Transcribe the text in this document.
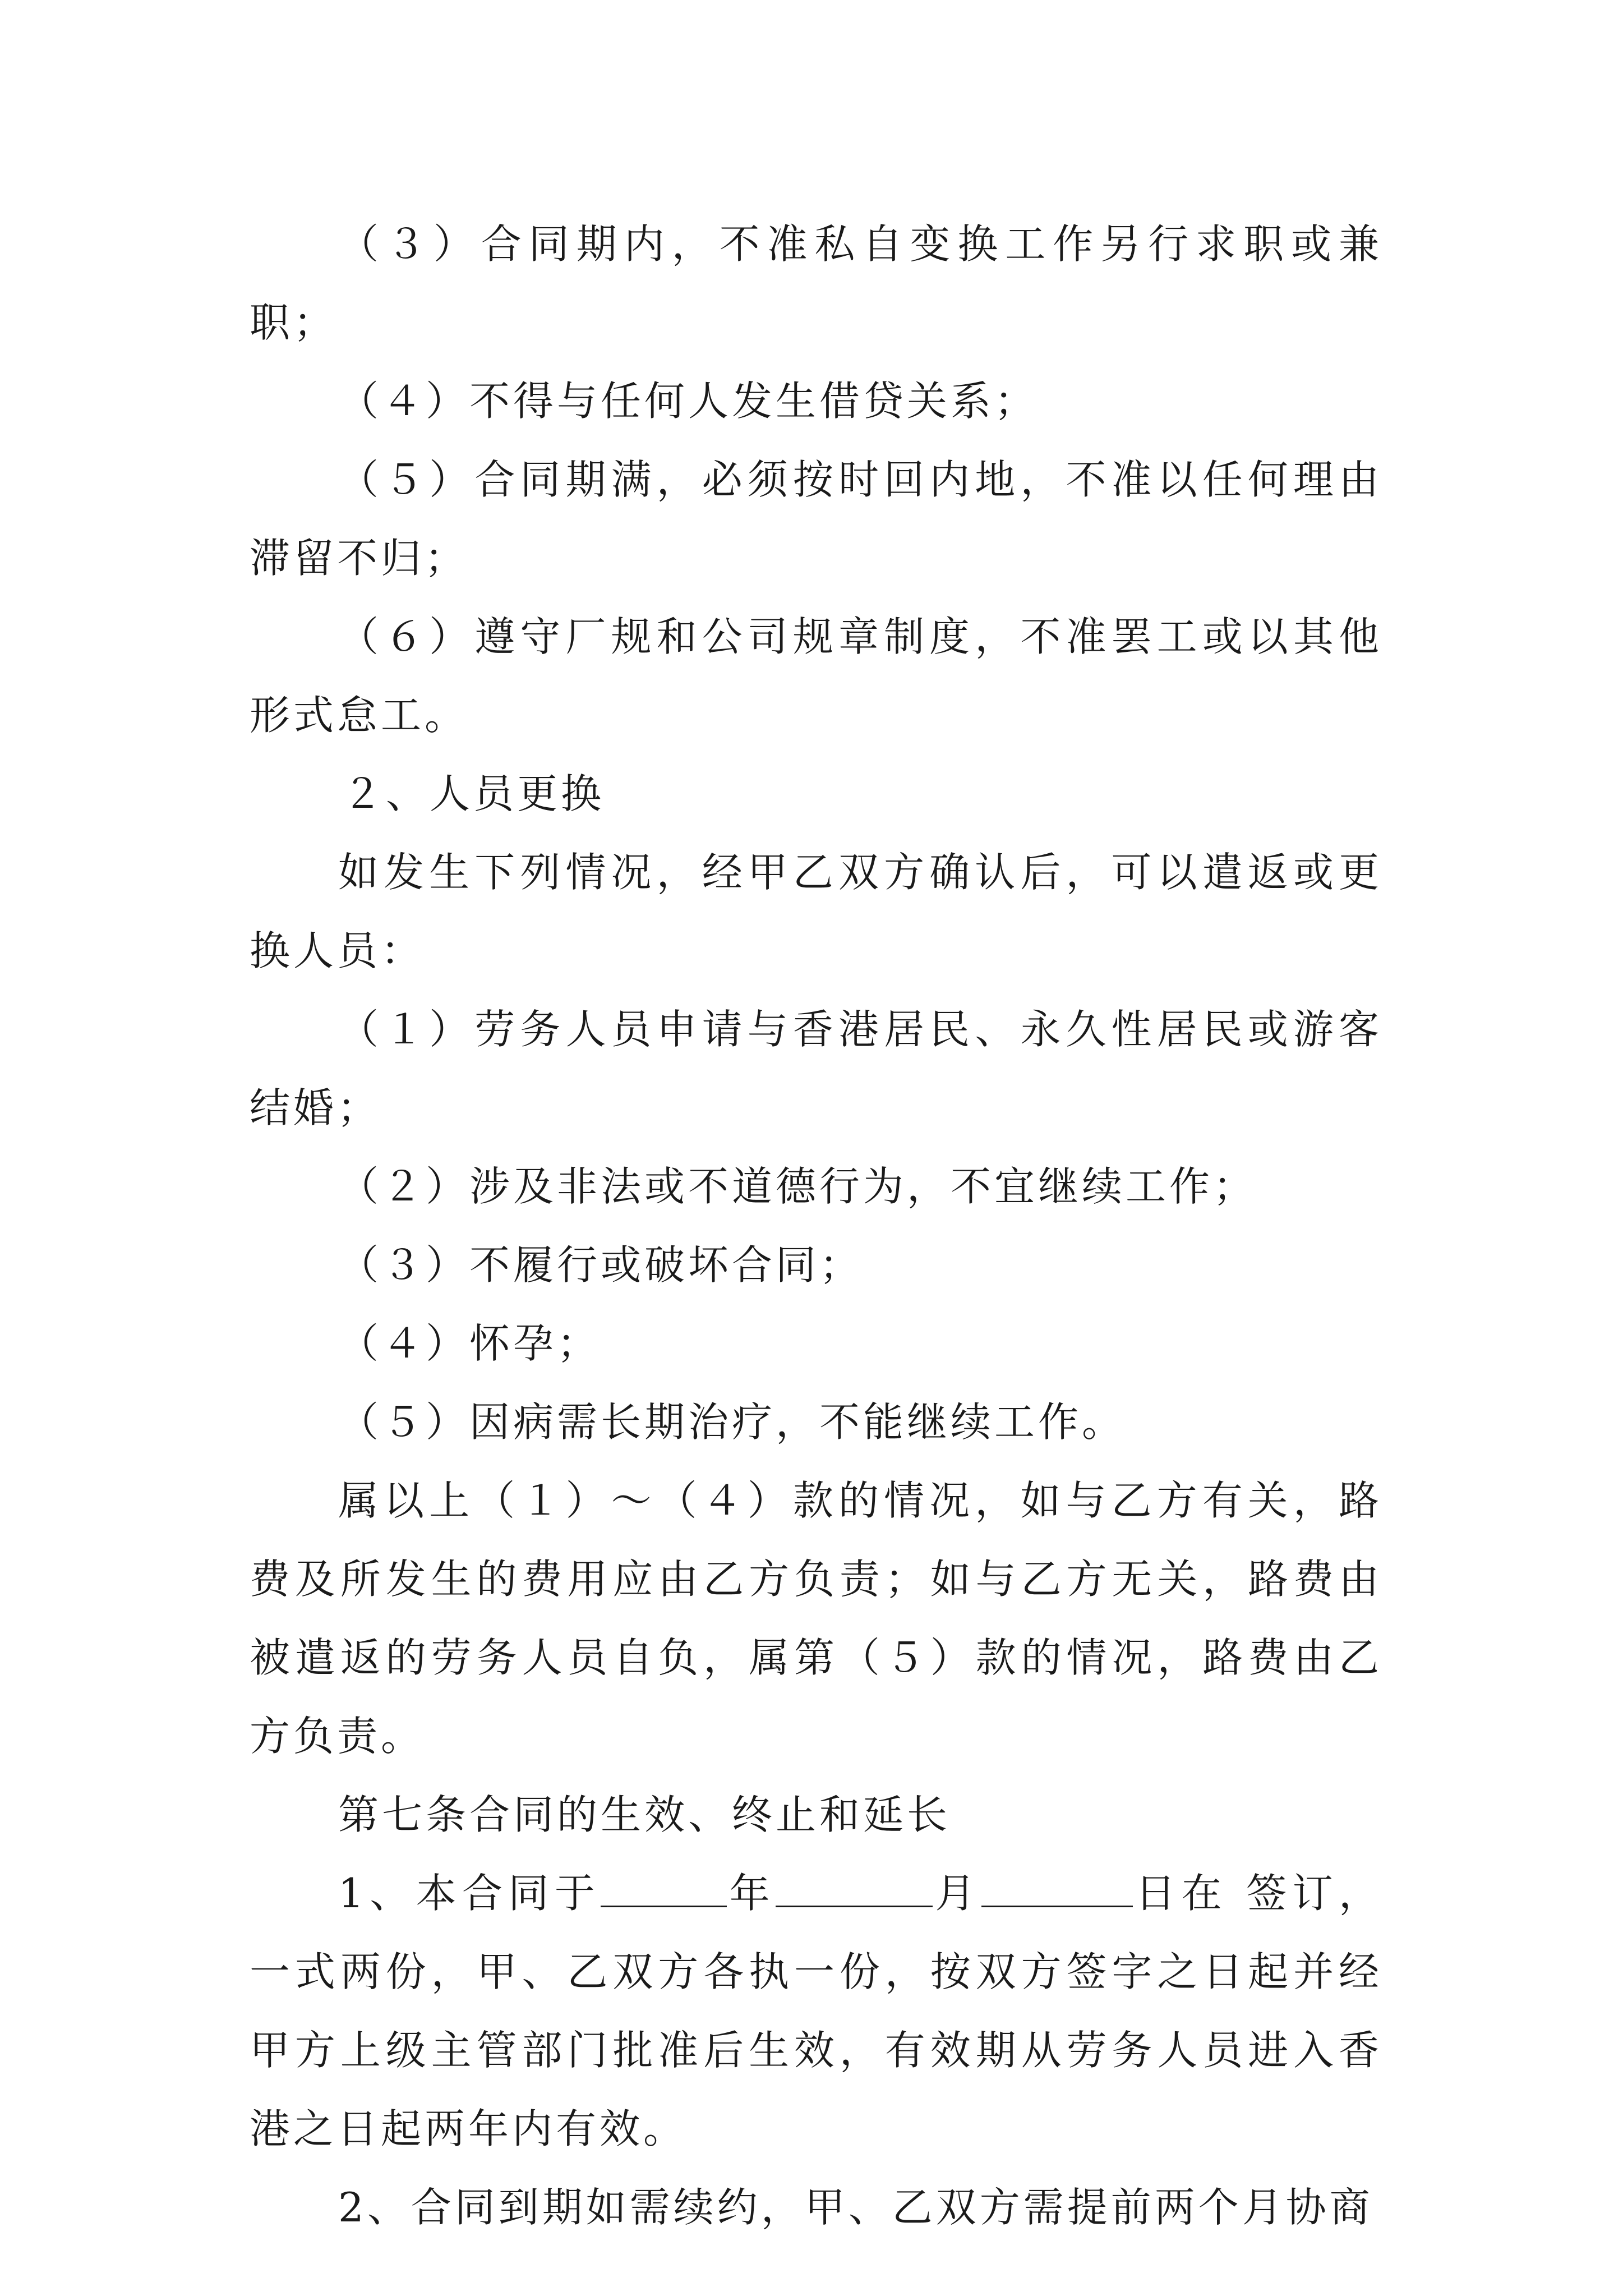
（３）合同期内，不准私自变换工作另行求职或兼职；

（４）不得与任何人发生借贷关系；

（５）合同期满，必须按时回内地，不准以任何理由滞留不归；

（６）遵守厂规和公司规章制度，不准罢工或以其他形式怠工。

２、人员更换

如发生下列情况，经甲乙双方确认后，可以遣返或更换人员：

（１）劳务人员申请与香港居民、永久性居民或游客结婚；

（２）涉及非法或不道德行为，不宜继续工作；

（３）不履行或破坏合同；

（４）怀孕；

（５）因病需长期治疗，不能继续工作。

属以上（１）～（４）款的情况，如与乙方有关，路费及所发生的费用应由乙方负责；如与乙方无关，路费由被遣返的劳务人员自负，属第（５）款的情况，路费由乙方负责。

第七条合同的生效、终止和延长

1、本合同于	年	月	日在 签订，一式两份，甲、乙双方各执一份，按双方签字之日起并经甲方上级主管部门批准后生效，有效期从劳务人员进入香港之日起两年内有效。

2、合同到期如需续约，甲、乙双方需提前两个月协商
